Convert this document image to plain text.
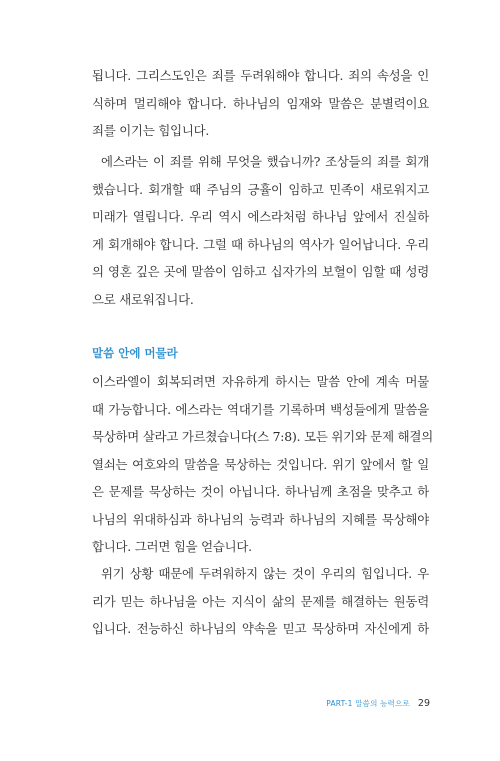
됩니다. 그리스도인은 죄를 두려워해야 합니다. 죄의 속성을 인
식하며 멀리해야 합니다. 하나님의 임재와 말씀은 분별력이요
죄를 이기는 힘입니다.

에스라는 이 죄를 위해 무엇을 했습니까? 조상들의 죄를 회개
했습니다. 회개할 때 주님의 긍휼이 임하고 민족이 새로워지고
미래가 열립니다. 우리 역시 에스라처럼 하나님 앞에서 진실하
게 회개해야 합니다. 그럴 때 하나님의 역사가 일어납니다. 우리
의 영혼 깊은 곳에 말씀이 임하고 십자가의 보혈이 임할 때 성령
으로 새로워집니다.

말씀 안에 머물라

이스라엘이 회복되려면 자유하게 하시는 말씀 안에 계속 머물
때 가능합니다. 에스라는 역대기를 기록하며 백성들에게 말씀을
묵상하며 살라고 가르쳤습니다(스 7:8). 모든 위기와 문제 해결의
열쇠는 여호와의 말씀을 묵상하는 것입니다. 위기 앞에서 할 일
은 문제를 묵상하는 것이 아닙니다. 하나님께 초점을 맞추고 하
나님의 위대하심과 하나님의 능력과 하나님의 지혜를 묵상해야
합니다. 그러면 힘을 얻습니다.

위기 상황 때문에 두려워하지 않는 것이 우리의 힘입니다. 우
리가 믿는 하나님을 아는 지식이 삶의 문제를 해결하는 원동력
입니다. 전능하신 하나님의 약속을 믿고 묵상하며 자신에게 하

PART-1 말씀의 능력으로 29
